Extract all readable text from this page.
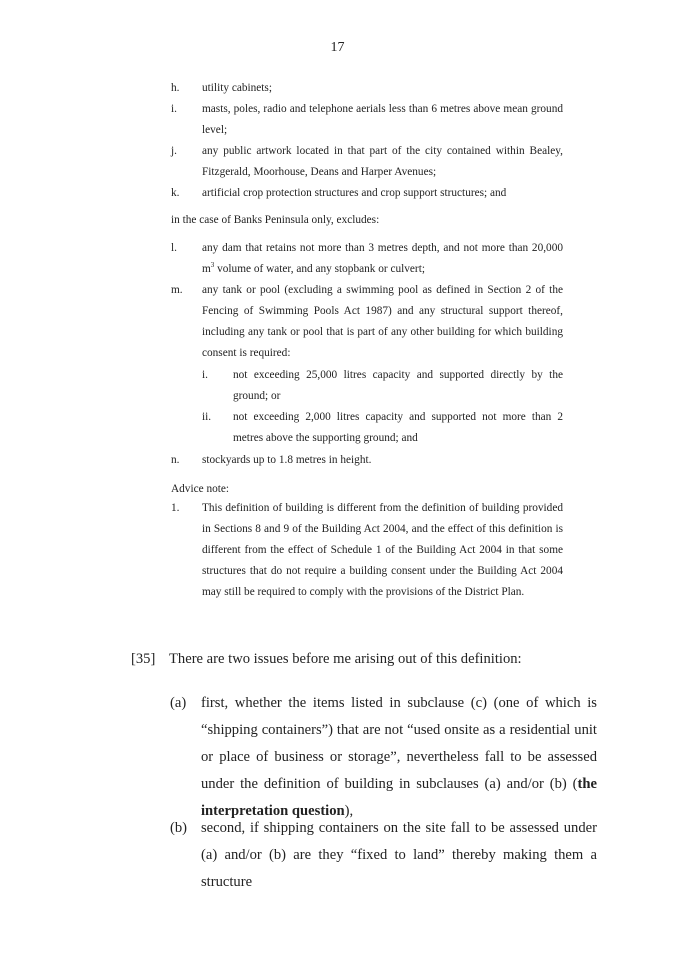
17
h. utility cabinets;
i. masts, poles, radio and telephone aerials less than 6 metres above mean ground level;
j. any public artwork located in that part of the city contained within Bealey, Fitzgerald, Moorhouse, Deans and Harper Avenues;
k. artificial crop protection structures and crop support structures; and
in the case of Banks Peninsula only, excludes:
l. any dam that retains not more than 3 metres depth, and not more than 20,000 $m^3$ volume of water, and any stopbank or culvert;
m. any tank or pool (excluding a swimming pool as defined in Section 2 of the Fencing of Swimming Pools Act 1987) and any structural support thereof, including any tank or pool that is part of any other building for which building consent is required:
i. not exceeding 25,000 litres capacity and supported directly by the ground; or
ii. not exceeding 2,000 litres capacity and supported not more than 2 metres above the supporting ground; and
n. stockyards up to 1.8 metres in height.
Advice note:
1. This definition of building is different from the definition of building provided in Sections 8 and 9 of the Building Act 2004, and the effect of this definition is different from the effect of Schedule 1 of the Building Act 2004 in that some structures that do not require a building consent under the Building Act 2004 may still be required to comply with the provisions of the District Plan.
[35] There are two issues before me arising out of this definition:
(a) first, whether the items listed in subclause (c) (one of which is “shipping containers”) that are not “used onsite as a residential unit or place of business or storage”, nevertheless fall to be assessed under the definition of building in subclauses (a) and/or (b) (the interpretation question),
(b) second, if shipping containers on the site fall to be assessed under (a) and/or (b) are they “fixed to land” thereby making them a structure
